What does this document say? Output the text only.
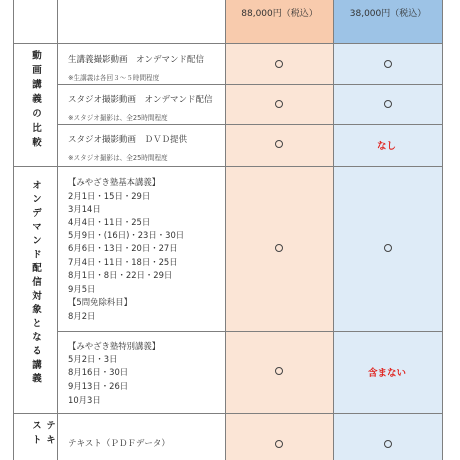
88,000円（税込）	38,000円（税込）
動画講義の比較
オンデマンド配信対象となる講義
テキスト
生講義撮影動画　オンデマンド配信
※生講義は各回３～５時間程度
スタジオ撮影動画　オンデマンド配信
※スタジオ撮影は、全25時間程度
スタジオ撮影動画　ＤＶＤ提供
※スタジオ撮影は、全25時間程度
なし
【みやざき塾基本講義】
2月1日・15日・29日
3月14日
4月4日・11日・25日
5月9日・(16日)・23日・30日
6月6日・13日・20日・27日
7月4日・11日・18日・25日
8月1日・8日・22日・29日
9月5日
【5問免除科目】
8月2日
【みやざき塾特別講義】
5月2日・3日
8月16日・30日
9月13日・26日
10月3日
含まない
テキスト（ＰＤＦデータ）
